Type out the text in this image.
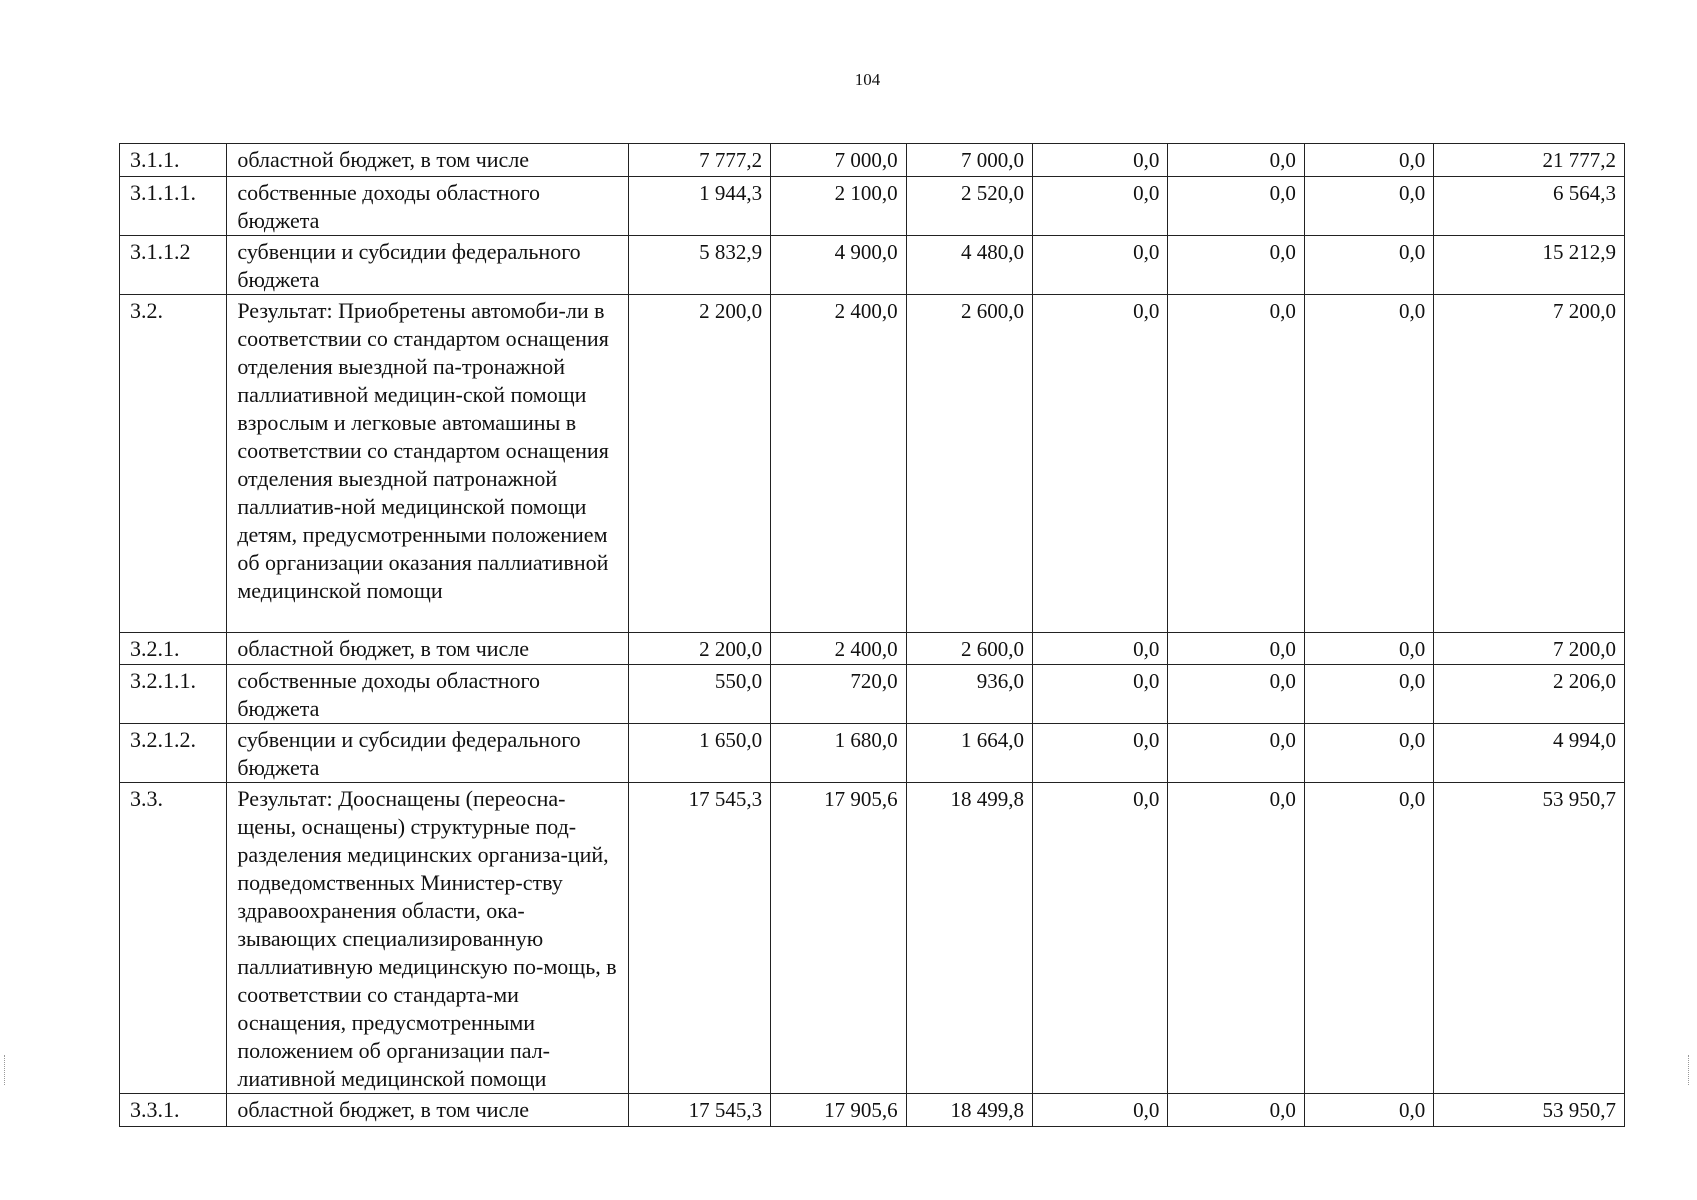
104
3.1.1.	областной бюджет, в том числе	7 777,2	7 000,0	7 000,0	0,0	0,0	0,0	21 777,2
3.1.1.1.	собственные доходы областного бюджета	1 944,3	2 100,0	2 520,0	0,0	0,0	0,0	6 564,3
3.1.1.2	субвенции и субсидии федерального бюджета	5 832,9	4 900,0	4 480,0	0,0	0,0	0,0	15 212,9
3.2.	Результат: Приобретены автомоби-ли в соответствии со стандартом оснащения отделения выездной па-тронажной паллиативной медицин-ской помощи взрослым и легковые автомашины в соответствии со стандартом оснащения отделения выездной патронажной паллиатив-ной медицинской помощи детям, предусмотренными положением об организации оказания паллиативной медицинской помощи	2 200,0	2 400,0	2 600,0	0,0	0,0	0,0	7 200,0
3.2.1.	областной бюджет, в том числе	2 200,0	2 400,0	2 600,0	0,0	0,0	0,0	7 200,0
3.2.1.1.	собственные доходы областного бюджета	550,0	720,0	936,0	0,0	0,0	0,0	2 206,0
3.2.1.2.	субвенции и субсидии федерального бюджета	1 650,0	1 680,0	1 664,0	0,0	0,0	0,0	4 994,0
3.3.	Результат: Дооснащены (переосна-щены, оснащены) структурные под-разделения медицинских организа-ций, подведомственных Министер-ству здравоохранения области, ока-зывающих специализированную паллиативную медицинскую по-мощь, в соответствии со стандарта-ми оснащения, предусмотренными положением об организации пал-лиативной медицинской помощи	17 545,3	17 905,6	18 499,8	0,0	0,0	0,0	53 950,7
3.3.1.	областной бюджет, в том числе	17 545,3	17 905,6	18 499,8	0,0	0,0	0,0	53 950,7
